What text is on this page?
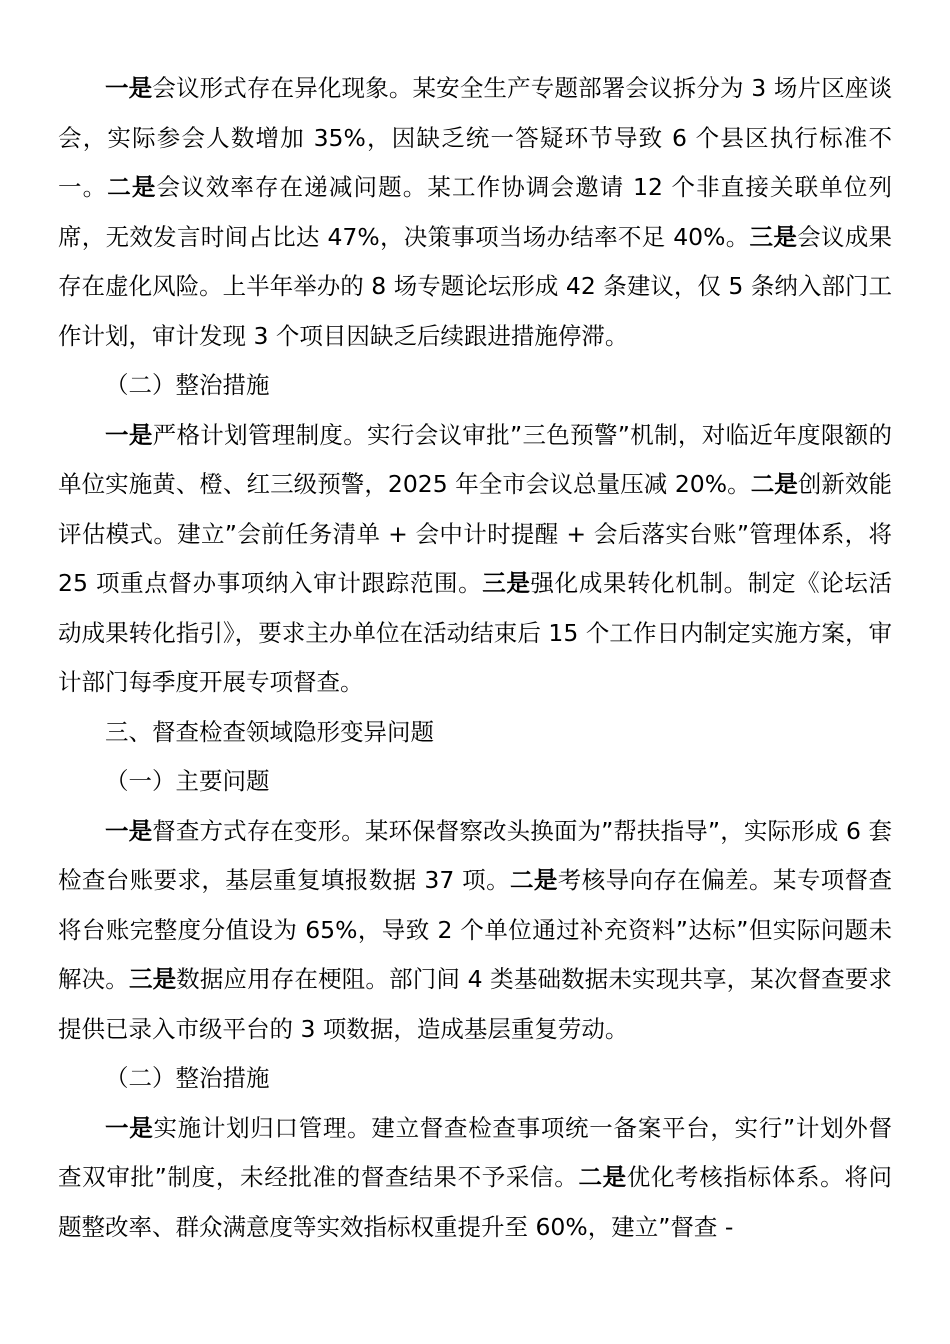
一是会议形式存在异化现象。某安全生产专题部署会议拆分为 3 场片区座谈会，实际参会人数增加 35%，因缺乏统一答疑环节导致 6 个县区执行标准不一。二是会议效率存在递减问题。某工作协调会邀请 12 个非直接关联单位列席，无效发言时间占比达 47%，决策事项当场办结率不足 40%。三是会议成果存在虚化风险。上半年举办的 8 场专题论坛形成 42 条建议，仅 5 条纳入部门工作计划，审计发现 3 个项目因缺乏后续跟进措施停滞。

（二）整治措施

一是严格计划管理制度。实行会议审批”三色预警”机制，对临近年度限额的单位实施黄、橙、红三级预警，2025 年全市会议总量压减 20%。二是创新效能评估模式。建立”会前任务清单 + 会中计时提醒 + 会后落实台账”管理体系，将 25 项重点督办事项纳入审计跟踪范围。三是强化成果转化机制。制定《论坛活动成果转化指引》，要求主办单位在活动结束后 15 个工作日内制定实施方案，审计部门每季度开展专项督查。

三、督查检查领域隐形变异问题

（一）主要问题

一是督查方式存在变形。某环保督察改头换面为”帮扶指导”，实际形成 6 套检查台账要求，基层重复填报数据 37 项。二是考核导向存在偏差。某专项督查将台账完整度分值设为 65%，导致 2 个单位通过补充资料”达标”但实际问题未解决。三是数据应用存在梗阻。部门间 4 类基础数据未实现共享，某次督查要求提供已录入市级平台的 3 项数据，造成基层重复劳动。

（二）整治措施

一是实施计划归口管理。建立督查检查事项统一备案平台，实行”计划外督查双审批”制度，未经批准的督查结果不予采信。二是优化考核指标体系。将问题整改率、群众满意度等实效指标权重提升至 60%，建立”督查 -
